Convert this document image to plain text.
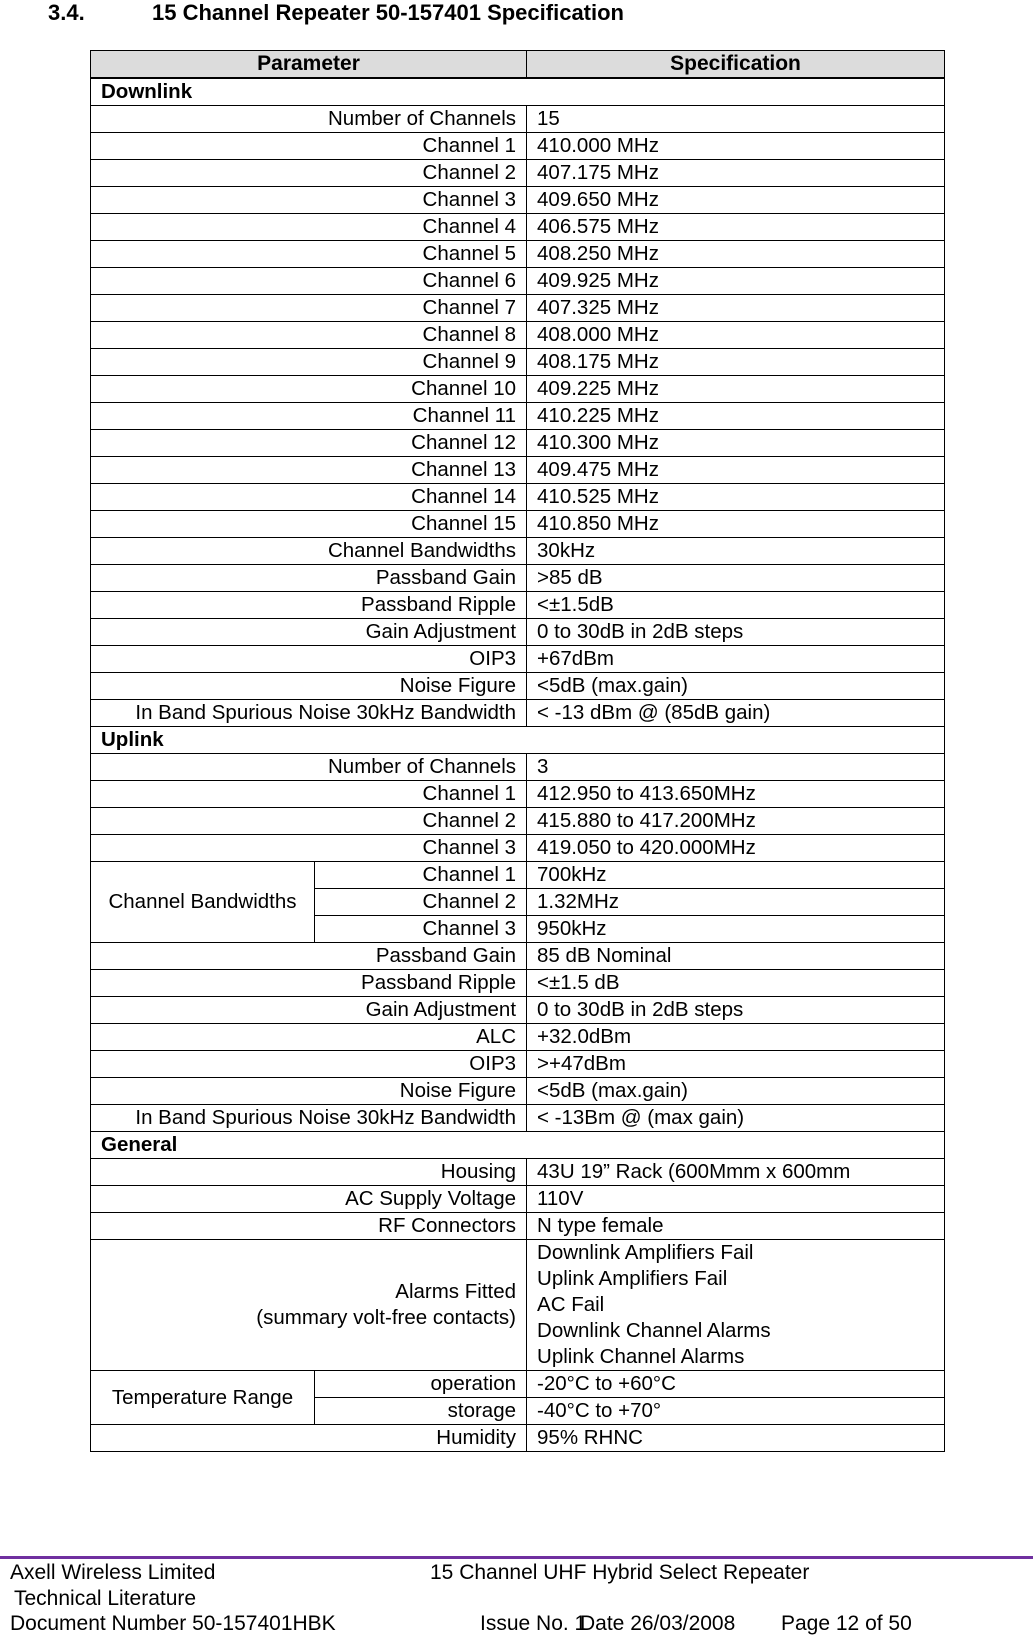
3.4.	15 Channel Repeater 50-157401 Specification
Parameter		Specification
Downlink		
Number of Channels		15
Channel 1		410.000 MHz
Channel 2		407.175 MHz
Channel 3		409.650 MHz
Channel 4		406.575 MHz
Channel 5		408.250 MHz
Channel 6		409.925 MHz
Channel 7		407.325 MHz
Channel 8		408.000 MHz
Channel 9		408.175 MHz
Channel 10		409.225 MHz
Channel 11		410.225 MHz
Channel 12		410.300 MHz
Channel 13		409.475 MHz
Channel 14		410.525 MHz
Channel 15		410.850 MHz
Channel Bandwidths		30kHz
Passband Gain		>85 dB
Passband Ripple		<±1.5dB
Gain Adjustment		0 to 30dB in 2dB steps
OIP3		+67dBm
Noise Figure		<5dB (max.gain)
In Band Spurious Noise 30kHz Bandwidth		< -13 dBm @ (85dB gain)
Uplink		
Number of Channels		3
Channel 1		412.950 to 413.650MHz
Channel 2		415.880 to 417.200MHz
Channel 3		419.050 to 420.000MHz
Channel Bandwidths	Channel 1	700kHz
	Channel 2	1.32MHz
	Channel 3	950kHz
Passband Gain		85 dB Nominal
Passband Ripple		<±1.5 dB
Gain Adjustment		0 to 30dB in 2dB steps
ALC		+32.0dBm
OIP3		>+47dBm
Noise Figure		<5dB (max.gain)
In Band Spurious Noise 30kHz Bandwidth		< -13Bm @ (max gain)
General		
Housing		43U 19” Rack (600Mmm x 600mm
AC Supply Voltage		110V
RF Connectors		N type female

Alarms Fitted
(summary volt-free contacts)		Downlink Amplifiers Fail
Uplink Amplifiers Fail
AC Fail
Downlink Channel Alarms
Uplink Channel Alarms

Temperature Range	operation	-20°C to +60°C
	storage	-40°C to +70°
Humidity		95% RHNC
Axell Wireless Limited	15 Channel UHF Hybrid Select Repeater
Technical Literature
Document Number 50-157401HBK	Issue No. 1
Date 26/03/2008 Page 12 of 50
